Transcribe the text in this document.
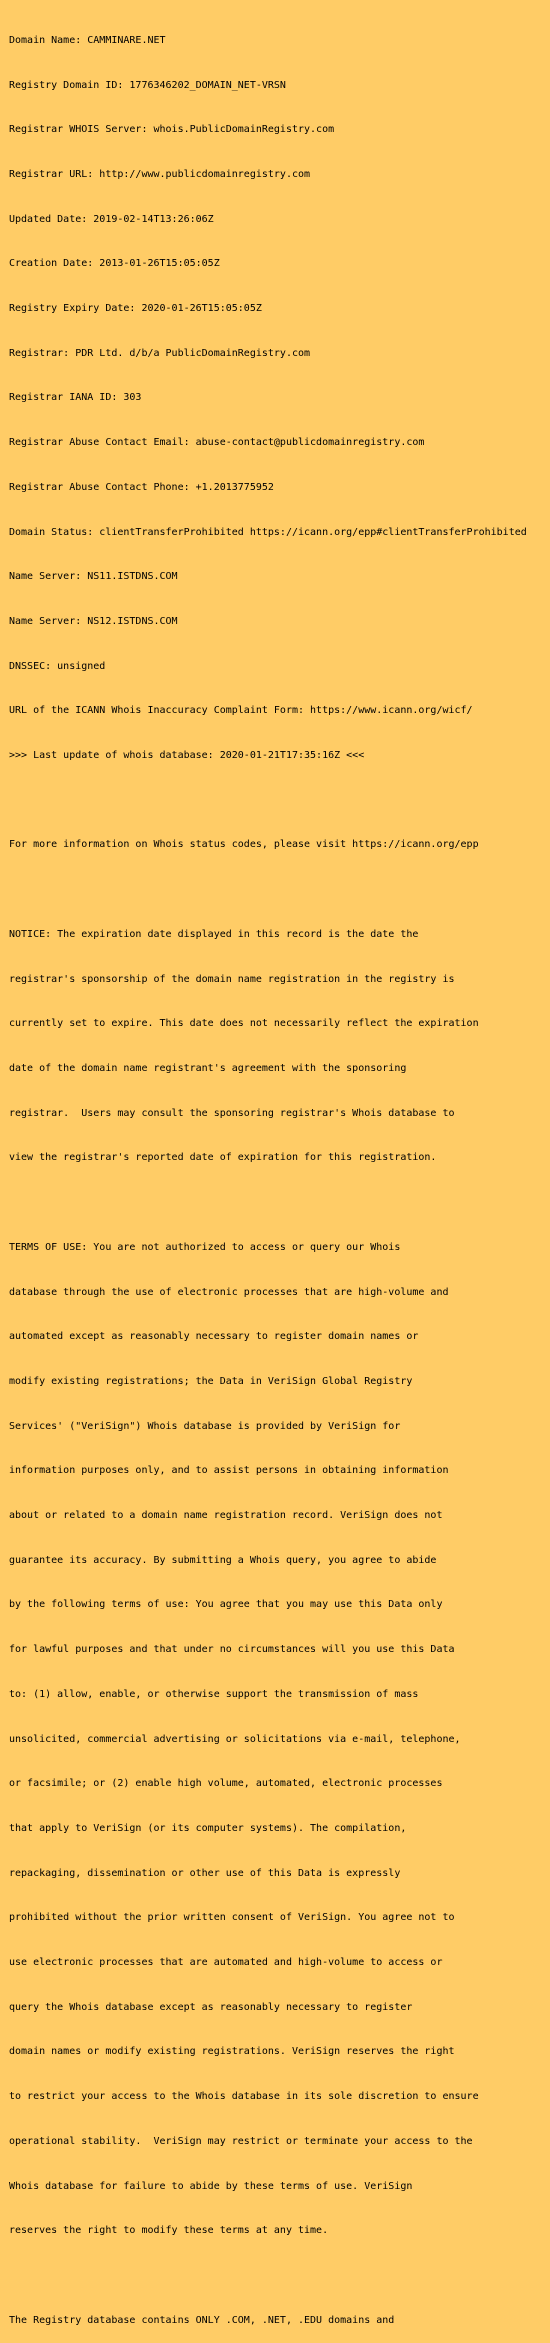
Domain Name: CAMMINARE.NET

Registry Domain ID: 1776346202_DOMAIN_NET-VRSN

Registrar WHOIS Server: whois.PublicDomainRegistry.com

Registrar URL: http://www.publicdomainregistry.com

Updated Date: 2019-02-14T13:26:06Z

Creation Date: 2013-01-26T15:05:05Z

Registry Expiry Date: 2020-01-26T15:05:05Z

Registrar: PDR Ltd. d/b/a PublicDomainRegistry.com

Registrar IANA ID: 303

Registrar Abuse Contact Email: abuse-contact@publicdomainregistry.com

Registrar Abuse Contact Phone: +1.2013775952

Domain Status: clientTransferProhibited https://icann.org/epp#clientTransferProhibited

Name Server: NS11.ISTDNS.COM

Name Server: NS12.ISTDNS.COM

DNSSEC: unsigned

URL of the ICANN Whois Inaccuracy Complaint Form: https://www.icann.org/wicf/

>>> Last update of whois database: 2020-01-21T17:35:16Z <<<

For more information on Whois status codes, please visit https://icann.org/epp

NOTICE: The expiration date displayed in this record is the date the

registrar's sponsorship of the domain name registration in the registry is

currently set to expire. This date does not necessarily reflect the expiration

date of the domain name registrant's agreement with the sponsoring

registrar.  Users may consult the sponsoring registrar's Whois database to

view the registrar's reported date of expiration for this registration.

TERMS OF USE: You are not authorized to access or query our Whois

database through the use of electronic processes that are high-volume and

automated except as reasonably necessary to register domain names or

modify existing registrations; the Data in VeriSign Global Registry

Services' ("VeriSign") Whois database is provided by VeriSign for

information purposes only, and to assist persons in obtaining information

about or related to a domain name registration record. VeriSign does not

guarantee its accuracy. By submitting a Whois query, you agree to abide

by the following terms of use: You agree that you may use this Data only

for lawful purposes and that under no circumstances will you use this Data

to: (1) allow, enable, or otherwise support the transmission of mass

unsolicited, commercial advertising or solicitations via e-mail, telephone,

or facsimile; or (2) enable high volume, automated, electronic processes

that apply to VeriSign (or its computer systems). The compilation,

repackaging, dissemination or other use of this Data is expressly

prohibited without the prior written consent of VeriSign. You agree not to

use electronic processes that are automated and high-volume to access or

query the Whois database except as reasonably necessary to register

domain names or modify existing registrations. VeriSign reserves the right

to restrict your access to the Whois database in its sole discretion to ensure

operational stability.  VeriSign may restrict or terminate your access to the

Whois database for failure to abide by these terms of use. VeriSign

reserves the right to modify these terms at any time.

The Registry database contains ONLY .COM, .NET, .EDU domains and
